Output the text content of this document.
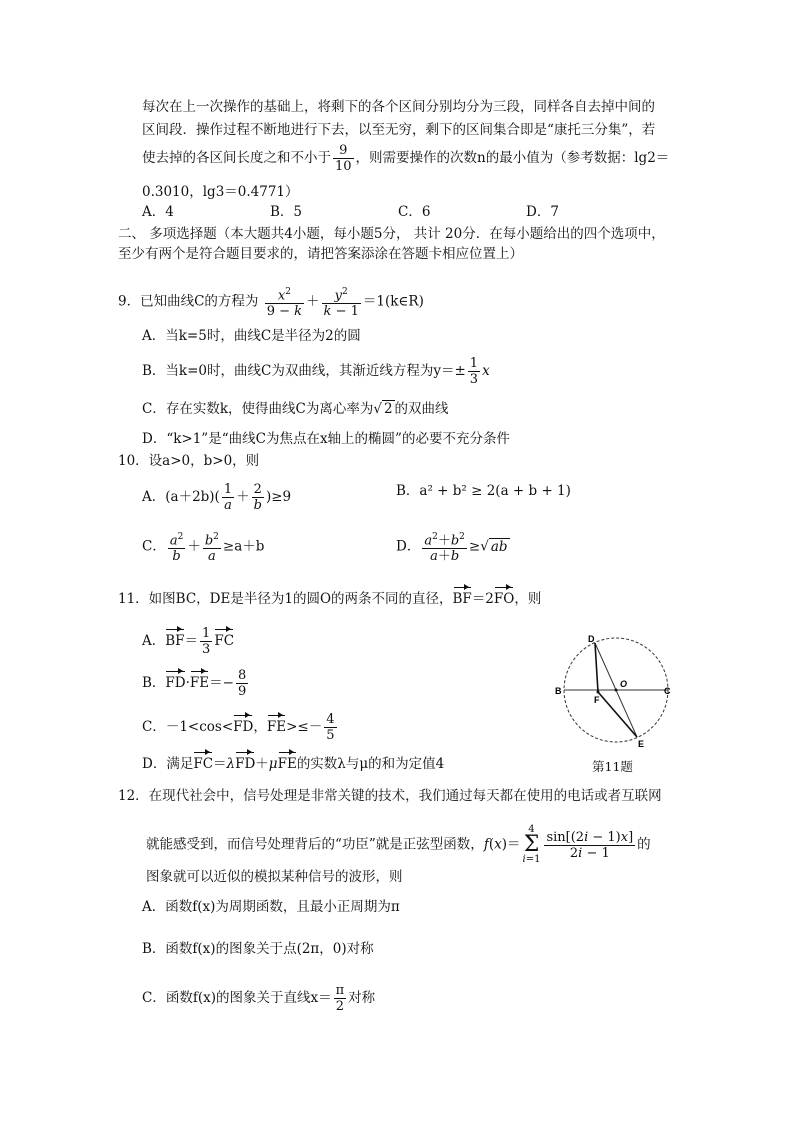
每次在上一次操作的基础上，将剩下的各个区间分别均分为三段，同样各自去掉中间的
区间段．操作过程不断地进行下去，以至无穷，剩下的区间集合即是“康托三分集”，若
使去掉的各区间长度之和不小于 $\frac{9}{10}$ ，则需要操作的次数n的最小值为（参考数据：lg2＝
0.3010，lg3＝0.4771）
A．4	B．5	C．6	D．7
二、 多项选择题（本大题共4小题，每小题5分， 共计 20分．在每小题给出的四个选项中，
至少有两个是符合题目要求的，请把答案添涂在答题卡相应位置上）
9．已知曲线C的方程为 $\frac{x^2}{9 - k} + \frac{y^2}{k - 1}$ ＝1(k∈R)
A．当k=5时，曲线C是半径为2的圆
B．当k=0时，曲线C为双曲线，其渐近线方程为$y=\pm \frac{1}{3}$ x
C．存在实数k，使得曲线C为离心率为√ 2 的双曲线
D．“k>1”是“曲线C为焦点在x轴上的椭圆”的必要不充分条件
10．设a>0，b>0，则
A．$(a+2b)( \frac{1}{a} + \frac{2}{b} )\ge 9$	B．a² + b² ≥ 2(a + b + 1)
C． $\frac{a^2}{b} + \frac{b^2}{a} \ge a+b$	D． $\frac{a^2+b^2}{a+b}$ ≥√ ab
11．如图BC，DE是半径为1的圆O的两条不同的直径，BF＝2FO，则
A．$BF= \frac{1}{3}$ FC
B．$FD\cdot FE=- \frac{8}{9}$
C．－1<cos<FD，$FE>\le- \frac{4}{5}$
D．满足FC＝λFD＋μFE的实数λ与μ的和为定值4
D
O
B
F
C
E
第11题
12．在现代社会中，信号处理是非常关键的技术，我们通过每天都在使用的电话或者互联网
就能感受到，而信号处理背后的“功臣”就是正弦型函数，f(x)＝4
Σ
$i=1 \frac{\sin[(2i - 1)x]}{2i - 1}$ 的
图象就可以近似的模拟某种信号的波形，则
A．函数f(x)为周期函数，且最小正周期为π
B．函数f(x)的图象关于点(2π，0)对称
C．函数f(x)的图象关于直线$x= \frac{\pi}{2}$ 对称
